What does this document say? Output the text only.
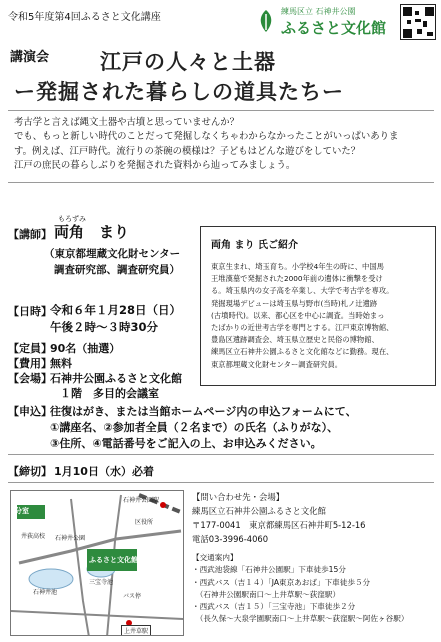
令和5年度第4回ふるさと文化講座
練馬区立 石神井公園
ふるさと文化館
講演会 江戸の人々と土器
ー発掘された暮らしの道具たちー

考古学と言えば縄文土器や古墳と思っていませんか？

でも、もっと新しい時代のことだって発掘しなくちゃわからなかったことがいっぱいありま

す。例えば、江戸時代。流行りの茶碗の模様は？子どもはどんな遊びをしていた？

江戸の庶民の暮らしぶりを発掘された資料から辿ってみましょう。

【講師】
もろずみ
両角　まり
（東京都埋蔵文化財センター
調査研究部、調査研究員）
両角 まり 氏ご紹介

東京生まれ、埼玉育ち。小学校4年生の時に、中国馬

王堆漢墓で発掘された2000年前の遺体に衝撃を受け

る。埼玉県内の女子高を卒業し、大学で考古学を専攻。

発掘現場デビューは埼玉県与野市(当時)札ノ辻遺跡

(古墳時代)。以来、都心区を中心に調査。当時始まっ

たばかりの近世考古学を専門とする。江戸東京博物館、

豊島区遺跡調査会、埼玉県立歴史と民俗の博物館、

練馬区立石神井公園ふるさと文化館などに勤務。現在、

東京都埋蔵文化財センター調査研究員。

【日時】
令和６年１月28日（日）
午後２時～３時30分
【定員】
90名（抽選）
【費用】
無料
【会場】
石神井公園ふるさと文化館
１階　多目的会議室
【申込】
往復はがき、または当館ホームページ内の申込フォームにて、
①講座名、②参加者全員（２名まで）の氏名（ふりがな）、
③住所、④電話番号をご記入の上、お申込みください。
【締切】 1月10日（水）必着
分室
ふるさと文化館
石神井公園駅
上井草駅
石神井池
三宝寺池
石神井公園
井荻高校
バス停
区役所

【問い合わせ先・会場】

練馬区立石神井公園ふるさと文化館

〒177-0041　東京都練馬区石神井町5-12-16

電話03-3996-4060

【交通案内】

・西武池袋線「石神井公園駅」下車徒歩15分

・西武バス（吉１４）「JA東京あおば」下車徒歩５分

　（石神井公園駅南口〜上井草駅〜荻窪駅）

・西武バス（吉１５）「三宝寺池」下車徒歩２分

　（長久保〜大泉学園駅南口〜上井草駅〜荻窪駅〜阿佐ヶ谷駅）
